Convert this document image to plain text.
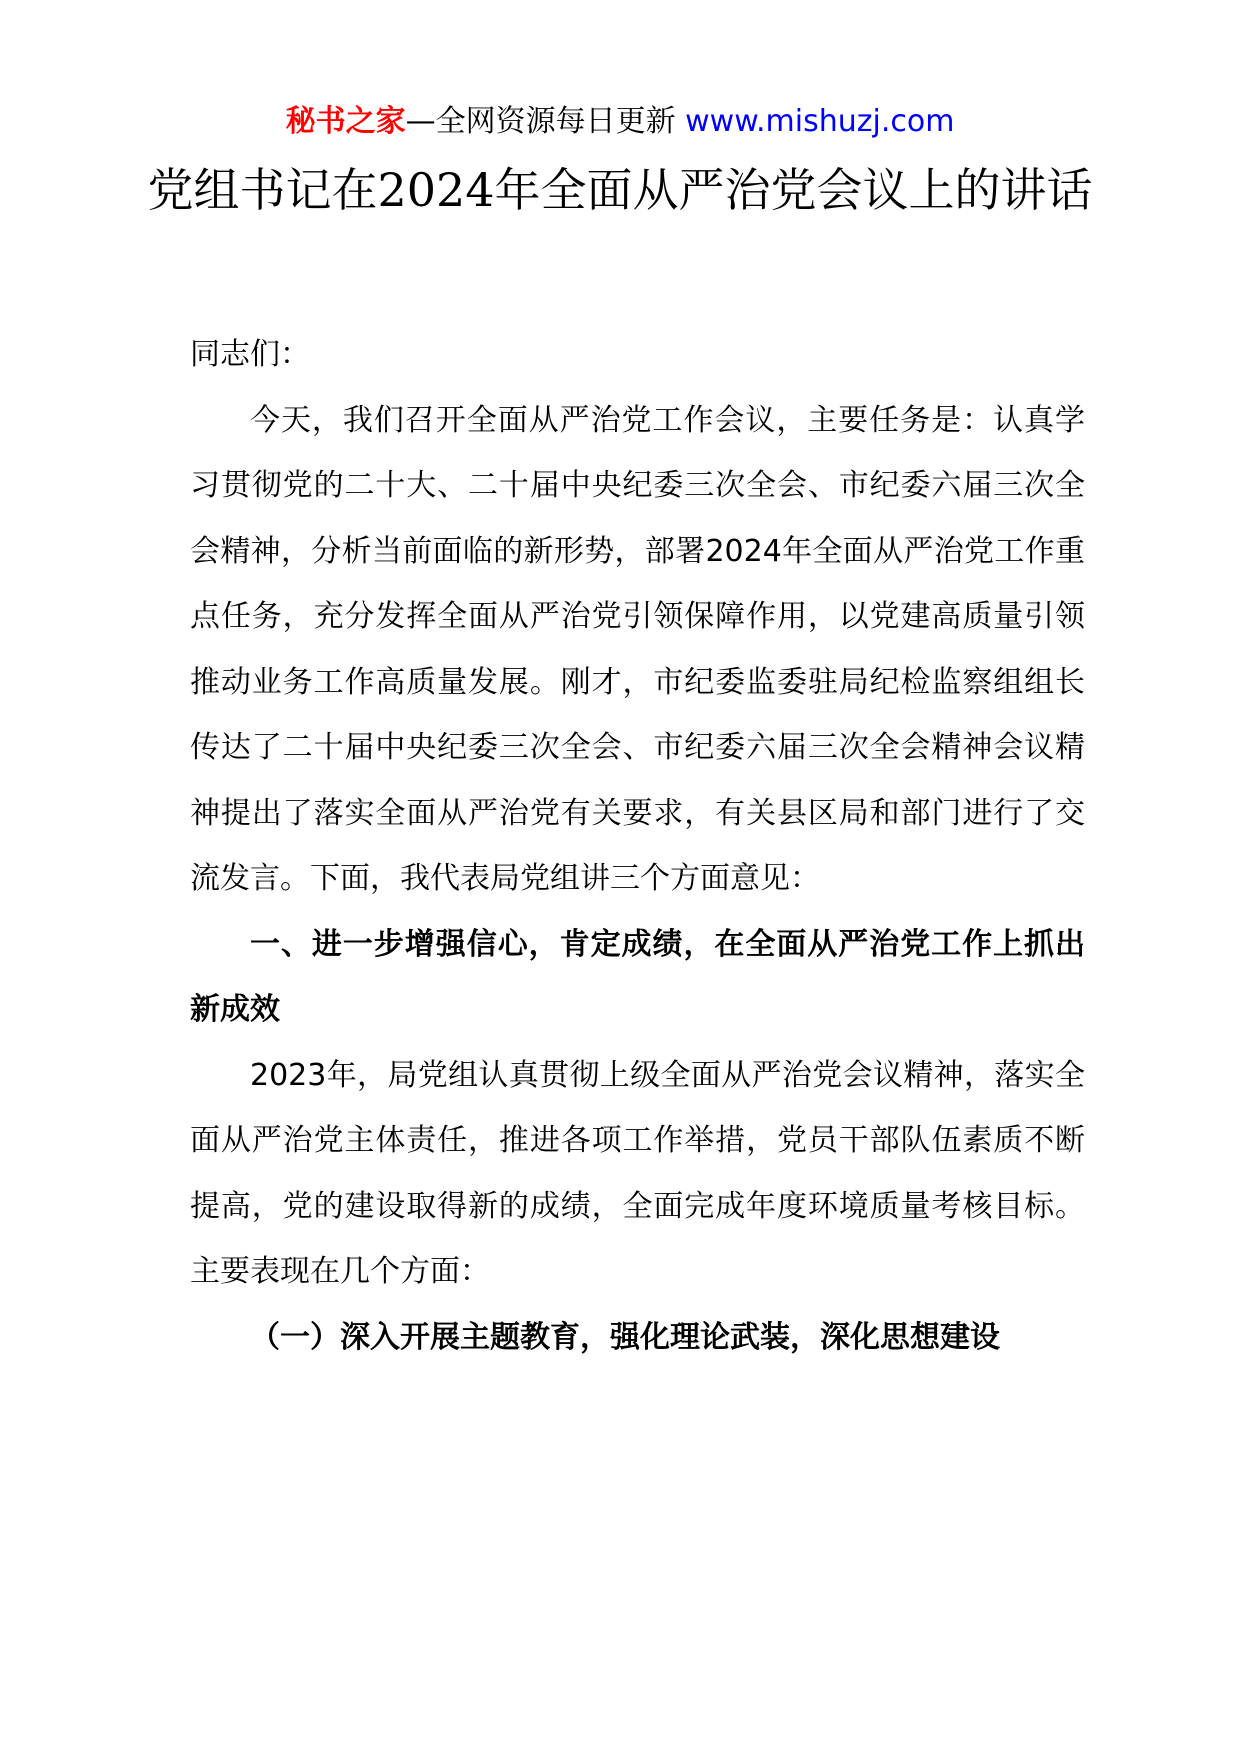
秘书之家—全网资源每日更新 www.mishuzj.com
党组书记在2024年全面从严治党会议上的讲话

同志们：

今天，我们召开全面从严治党工作会议，主要任务是：认真学习贯彻党的二十大、二十届中央纪委三次全会、市纪委六届三次全会精神，分析当前面临的新形势，部署2024年全面从严治党工作重点任务，充分发挥全面从严治党引领保障作用，以党建高质量引领推动业务工作高质量发展。刚才，市纪委监委驻局纪检监察组组长传达了二十届中央纪委三次全会、市纪委六届三次全会精神会议精神提出了落实全面从严治党有关要求，有关县区局和部门进行了交流发言。下面，我代表局党组讲三个方面意见：

一、进一步增强信心，肯定成绩，在全面从严治党工作上抓出新成效

2023年，局党组认真贯彻上级全面从严治党会议精神，落实全面从严治党主体责任，推进各项工作举措，党员干部队伍素质不断提高，党的建设取得新的成绩，全面完成年度环境质量考核目标。主要表现在几个方面：

（一）深入开展主题教育，强化理论武装，深化思想建设
